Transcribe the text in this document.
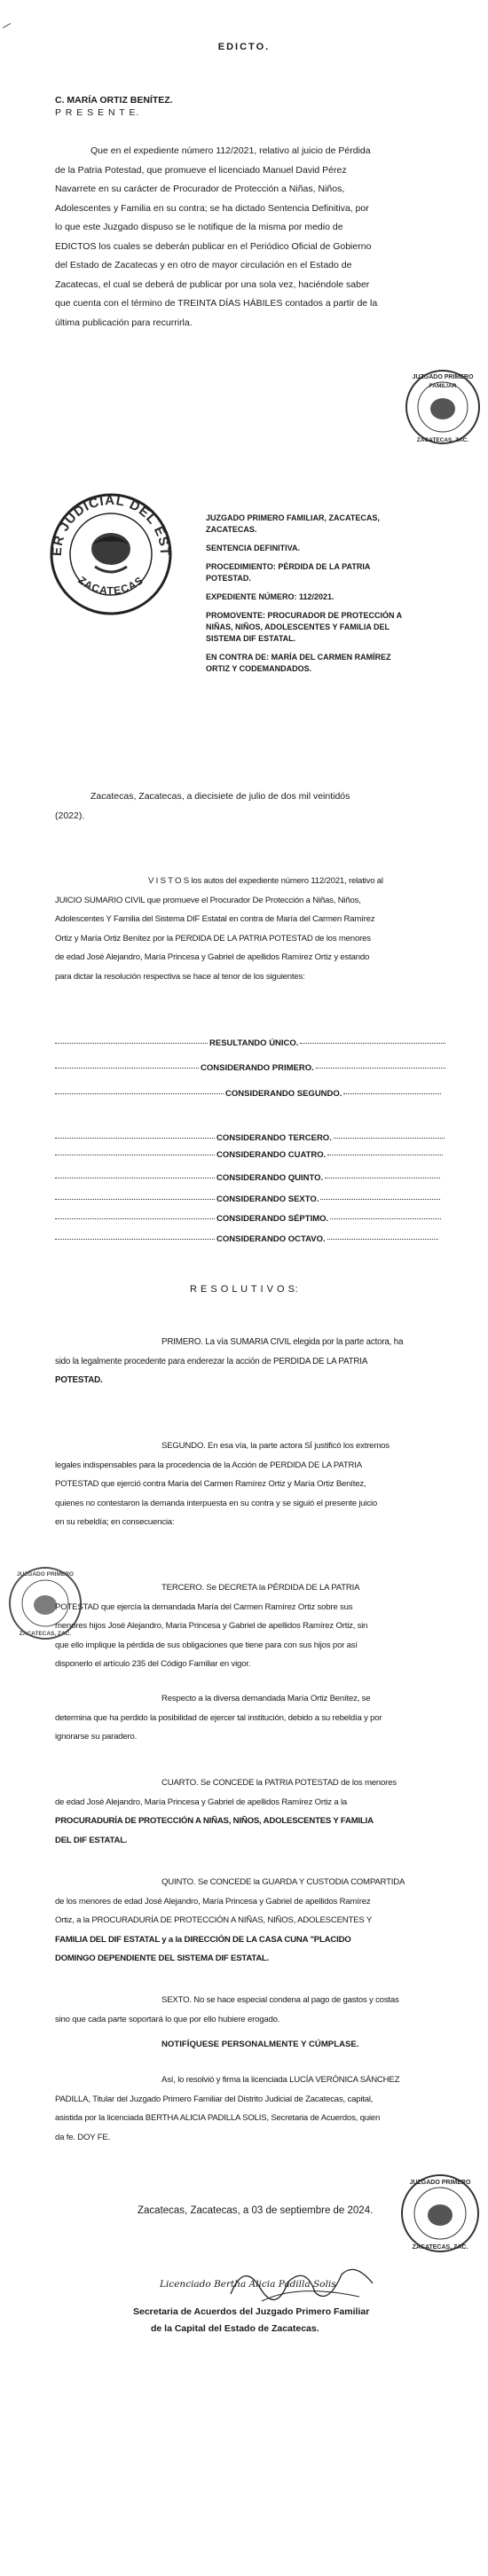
EDICTO.
C. MARÍA ORTIZ BENÍTEZ.
P R E S E N T E.
Que en el expediente número 112/2021, relativo al juicio de Pérdida
de la Patria Potestad, que promueve el licenciado Manuel David Pérez
Navarrete en su carácter de Procurador de Protección a Niñas, Niños,
Adolescentes y Familia en su contra; se ha dictado Sentencia Definitiva, por
lo que este Juzgado dispuso se le notifique de la misma por medio de
EDICTOS los cuales se deberán publicar en el Periódico Oficial de Gobierno
del Estado de Zacatecas y en otro de mayor circulación en el Estado de
Zacatecas, el cual se deberá de publicar por una sola vez, haciéndole saber
que cuenta con el término de TREINTA DÍAS HÁBILES contados a partir de la
última publicación para recurrirla.
JUZGADO PRIMERO
FAMILIAR
ZACATECAS, ZAC.
ER JUDICIAL DEL EST
ZACATECAS
JUZGADO PRIMERO FAMILIAR, ZACATECAS, ZACATECAS.
SENTENCIA DEFINITIVA.
PROCEDIMIENTO: PÉRDIDA DE LA PATRIA POTESTAD.
EXPEDIENTE NÚMERO: 112/2021.
PROMOVENTE: PROCURADOR DE PROTECCIÓN A NIÑAS, NIÑOS, ADOLESCENTES Y FAMILIA DEL SISTEMA DIF ESTATAL.
EN CONTRA DE: MARÍA DEL CARMEN RAMÍREZ ORTIZ Y CODEMANDADOS.
Zacatecas, Zacatecas, a diecisiete de julio de dos mil veintidós
(2022).
V I S T O S los autos del expediente número 112/2021, relativo al
JUICIO SUMARIO CIVIL que promueve el Procurador De Protección a Niñas, Niños,
Adolescentes Y Familia del Sistema DIF Estatal en contra de María del Carmen Ramírez
Ortiz y María Ortiz Benítez por la PERDIDA DE LA PATRIA POTESTAD de los menores
de edad José Alejandro, María Princesa y Gabriel de apellidos Ramírez Ortiz y estando
para dictar la resolución respectiva se hace al tenor de los siguientes:
RESULTANDO ÚNICO.
CONSIDERANDO PRIMERO.
CONSIDERANDO SEGUNDO.
CONSIDERANDO TERCERO.
CONSIDERANDO CUATRO.
CONSIDERANDO QUINTO.
CONSIDERANDO SEXTO.
CONSIDERANDO SÉPTIMO.
CONSIDERANDO OCTAVO.
R E S O L U T I V O S:
PRIMERO. La vía SUMARIA CIVIL elegida por la parte actora, ha
sido la legalmente procedente para enderezar la acción de PERDIDA DE LA PATRIA
POTESTAD.
SEGUNDO. En esa vía, la parte actora SÍ justificó los extremos
legales indispensables para la procedencia de la Acción de PERDIDA DE LA PATRIA
POTESTAD que ejerció contra María del Carmen Ramírez Ortiz y María Ortiz Benítez,
quienes no contestaron la demanda interpuesta en su contra y se siguió el presente juicio
en su rebeldía; en consecuencia:
JUZGADO PRIMERO
ZACATECAS, ZAC.
TERCERO. Se DECRETA la PÉRDIDA DE LA PATRIA
POTESTAD que ejercía la demandada María del Carmen Ramírez Ortiz sobre sus
menores hijos José Alejandro, María Princesa y Gabriel de apellidos Ramírez Ortiz, sin
que ello implique la pérdida de sus obligaciones que tiene para con sus hijos por así
disponerlo el artículo 235 del Código Familiar en vigor.
Respecto a la diversa demandada María Ortiz Benítez, se
determina que ha perdido la posibilidad de ejercer tal institución, debido a su rebeldía y por
ignorarse su paradero.
CUARTO. Se CONCEDE la PATRIA POTESTAD de los menores
de edad José Alejandro, María Princesa y Gabriel de apellidos Ramírez Ortiz a la
PROCURADURÍA DE PROTECCIÓN A NIÑAS, NIÑOS, ADOLESCENTES Y FAMILIA
DEL DIF ESTATAL.
QUINTO. Se CONCEDE la GUARDA Y CUSTODIA COMPARTIDA
de los menores de edad José Alejandro, María Princesa y Gabriel de apellidos Ramírez
Ortiz, a la PROCURADURÍA DE PROTECCIÓN A NIÑAS, NIÑOS, ADOLESCENTES Y
FAMILIA DEL DIF ESTATAL y a la DIRECCIÓN DE LA CASA CUNA "PLACIDO
DOMINGO DEPENDIENTE DEL SISTEMA DIF ESTATAL.
SEXTO. No se hace especial condena al pago de gastos y costas
sino que cada parte soportará lo que por ello hubiere erogado.
NOTIFÍQUESE PERSONALMENTE Y CÚMPLASE.
Así, lo resolvió y firma la licenciada LUCÍA VERÓNICA SÁNCHEZ
PADILLA, Titular del Juzgado Primero Familiar del Distrito Judicial de Zacatecas, capital,
asistida por la licenciada BERTHA ALICIA PADILLA SOLIS, Secretaria de Acuerdos, quien
da fe. DOY FE.
Zacatecas, Zacatecas, a 03 de septiembre de 2024.
JUZGADO PRIMERO
ZACATECAS, ZAC.
Licenciado Bertha Alicia Padilla Solis
Secretaria de Acuerdos del Juzgado Primero Familiar
de la Capital del Estado de Zacatecas.
